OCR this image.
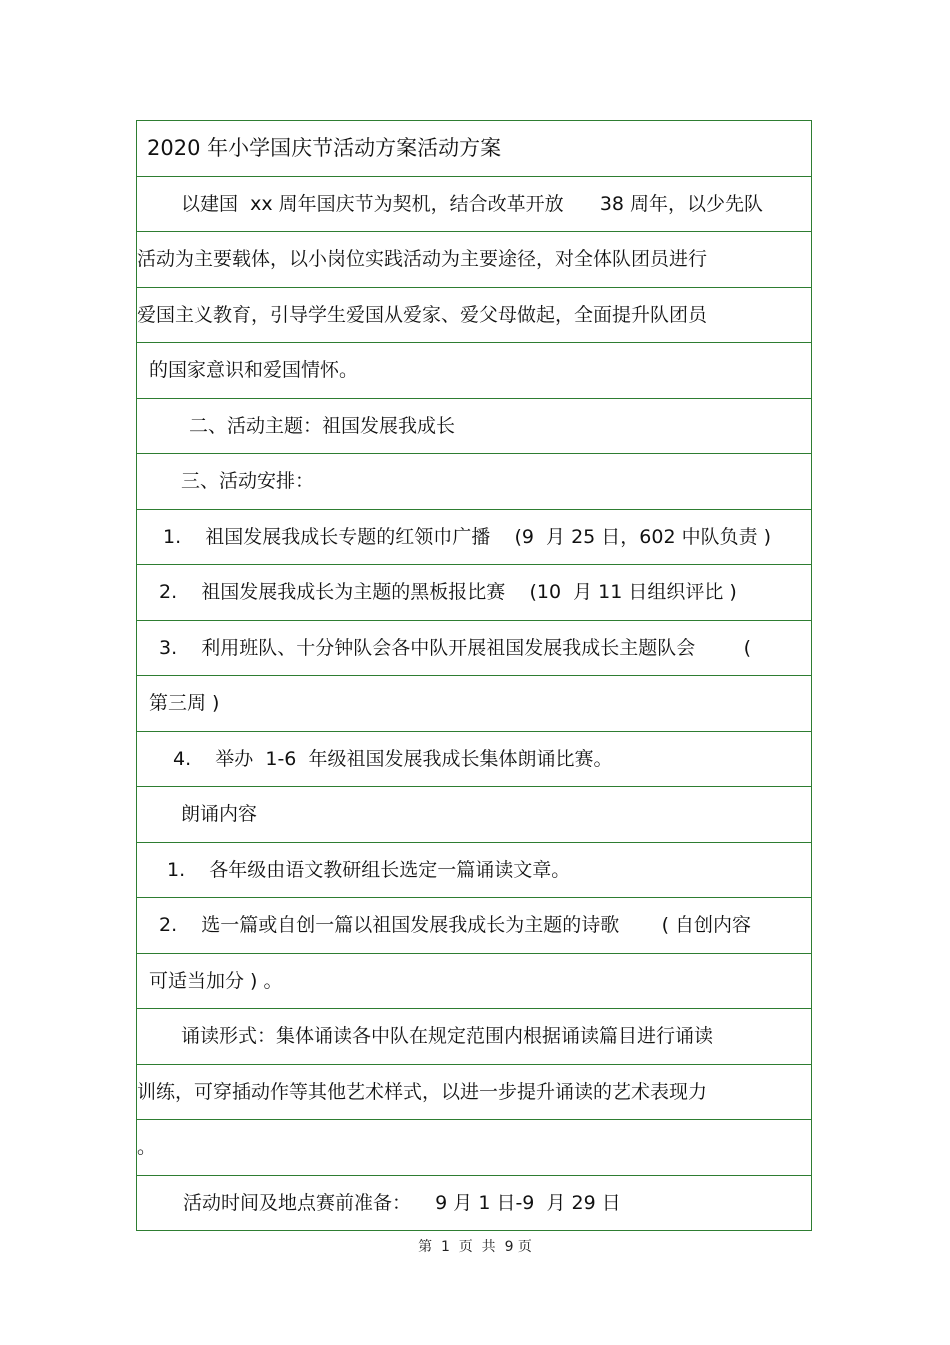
2020 年小学国庆节活动方案活动方案

以建国  xx 周年国庆节为契机，结合改革开放      38 周年，以少先队
活动为主要载体，以小岗位实践活动为主要途径，对全体队团员进行
爱国主义教育，引导学生爱国从爱家、爱父母做起，全面提升队团员
的国家意识和爱国情怀。
二、活动主题：祖国发展我成长
三、活动安排：
1.    祖国发展我成长专题的红领巾广播    (9  月 25 日，602 中队负责 )
2.    祖国发展我成长为主题的黑板报比赛    (10  月 11 日组织评比 )
3.    利用班队、十分钟队会各中队开展祖国发展我成长主题队会        (
第三周 )
4.    举办  1-6  年级祖国发展我成长集体朗诵比赛。
朗诵内容
1.    各年级由语文教研组长选定一篇诵读文章。
2.    选一篇或自创一篇以祖国发展我成长为主题的诗歌       ( 自创内容
可适当加分 ) 。
诵读形式：集体诵读各中队在规定范围内根据诵读篇目进行诵读
训练，可穿插动作等其他艺术样式，以进一步提升诵读的艺术表现力
。
活动时间及地点赛前准备：    9 月 1 日-9  月 29 日
第  1  页  共  9 页
